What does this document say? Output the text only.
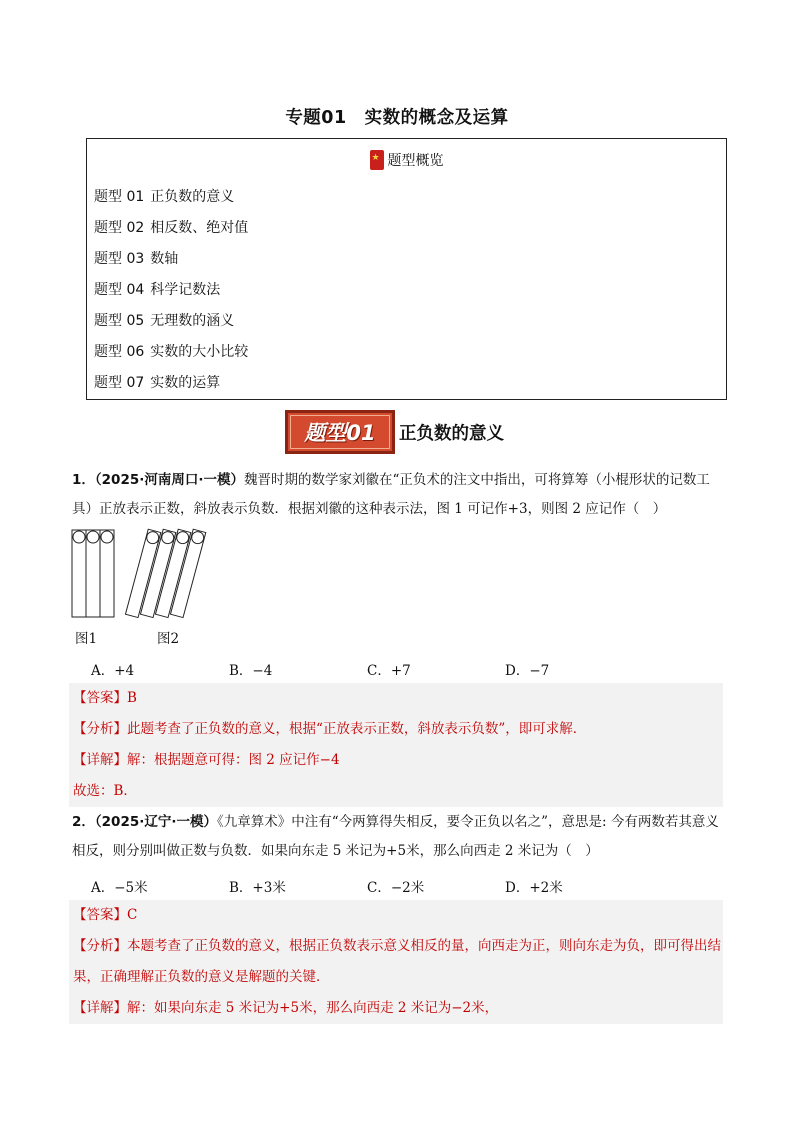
专题01　实数的概念及运算
★
题型概览
题型 01 正负数的意义
题型 02 相反数、绝对值
题型 03 数轴
题型 04 科学记数法
题型 05 无理数的涵义
题型 06 实数的大小比较
题型 07 实数的运算
题型01	正负数的意义
1．（2025·河南周口·一模）魏晋时期的数学家刘徽在“正负术的注文中指出，可将算筹（小棍形状的记数工具）正放表示正数，斜放表示负数．根据刘徽的这种表示法，图 1 可记作+3，则图 2 应记作（　）
图1	图2
A．+4	B．−4	C．+7	D．−7
【答案】B
【分析】此题考查了正负数的意义，根据“正放表示正数，斜放表示负数”，即可求解．
【详解】解：根据题意可得：图 2 应记作−4
故选：B．
2．（2025·辽宁·一模）《九章算术》中注有“今两算得失相反，要令正负以名之”，意思是: 今有两数若其意义相反，则分别叫做正数与负数．如果向东走 5 米记为+5米，那么向西走 2 米记为（　）
A．−5米	B．+3米	C．−2米	D．+2米
【答案】C
【分析】本题考查了正负数的意义，根据正负数表示意义相反的量，向西走为正，则向东走为负，即可得出结果，正确理解正负数的意义是解题的关键．
【详解】解：如果向东走 5 米记为+5米，那么向西走 2 米记为−2米，
